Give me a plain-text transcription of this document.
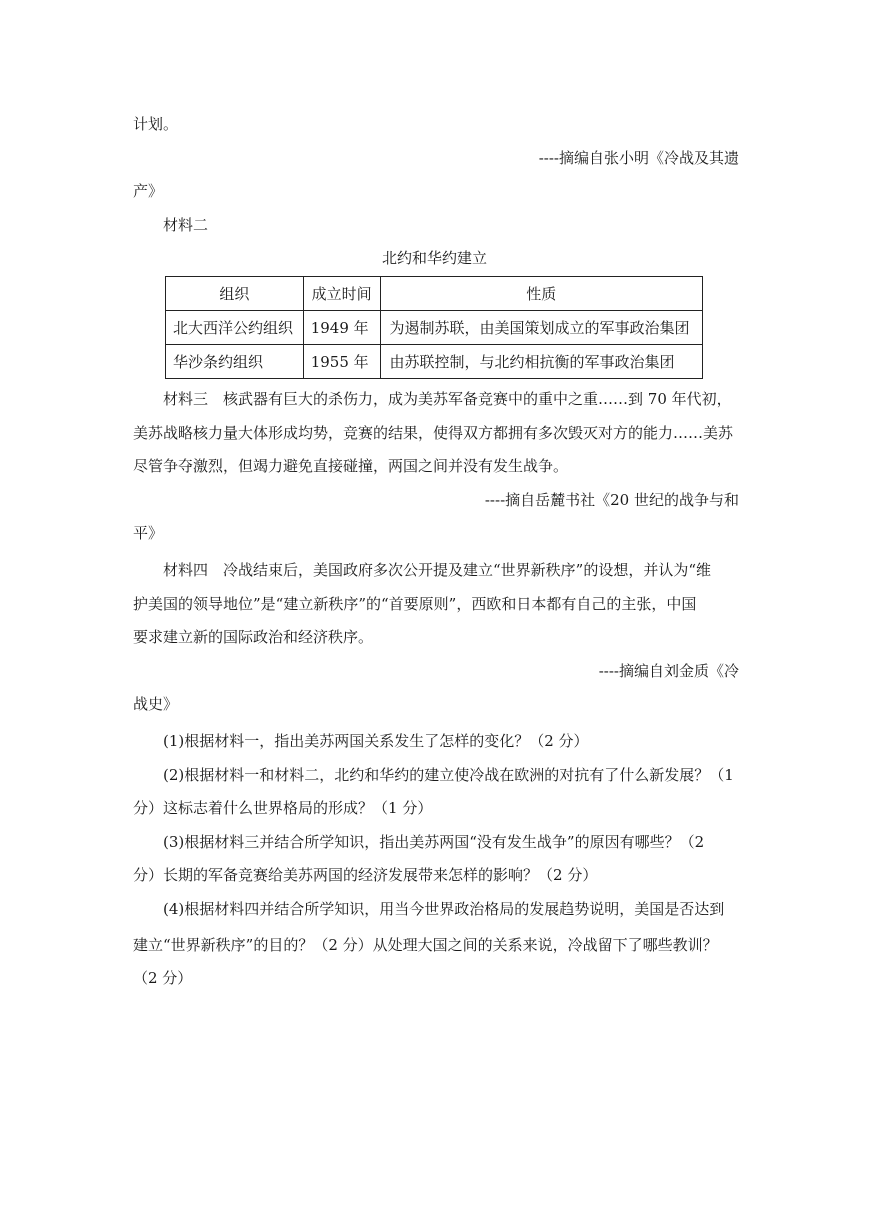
计划。
----摘编自张小明《冷战及其遗
产》
材料二
北约和华约建立
组织	成立时间	性质
北大西洋公约组织	1949 年	为遏制苏联，由美国策划成立的军事政治集团
华沙条约组织	1955 年	由苏联控制，与北约相抗衡的军事政治集团
材料三　核武器有巨大的杀伤力，成为美苏军备竞赛中的重中之重……到 70 年代初，
美苏战略核力量大体形成均势，竞赛的结果，使得双方都拥有多次毁灭对方的能力……美苏
尽管争夺激烈，但竭力避免直接碰撞，两国之间并没有发生战争。
----摘自岳麓书社《20 世纪的战争与和
平》
材料四　冷战结束后，美国政府多次公开提及建立“世界新秩序”的设想，并认为“维
护美国的领导地位”是“建立新秩序”的“首要原则”，西欧和日本都有自己的主张，中国
要求建立新的国际政治和经济秩序。
----摘编自刘金质《冷
战史》
(1)根据材料一，指出美苏两国关系发生了怎样的变化？（2 分）
(2)根据材料一和材料二，北约和华约的建立使冷战在欧洲的对抗有了什么新发展？（1
分）这标志着什么世界格局的形成？（1 分）
(3)根据材料三并结合所学知识，指出美苏两国“没有发生战争”的原因有哪些？（2
分）长期的军备竞赛给美苏两国的经济发展带来怎样的影响？（2 分）
(4)根据材料四并结合所学知识，用当今世界政治格局的发展趋势说明，美国是否达到
建立“世界新秩序”的目的？（2 分）从处理大国之间的关系来说，冷战留下了哪些教训？
（2 分）
